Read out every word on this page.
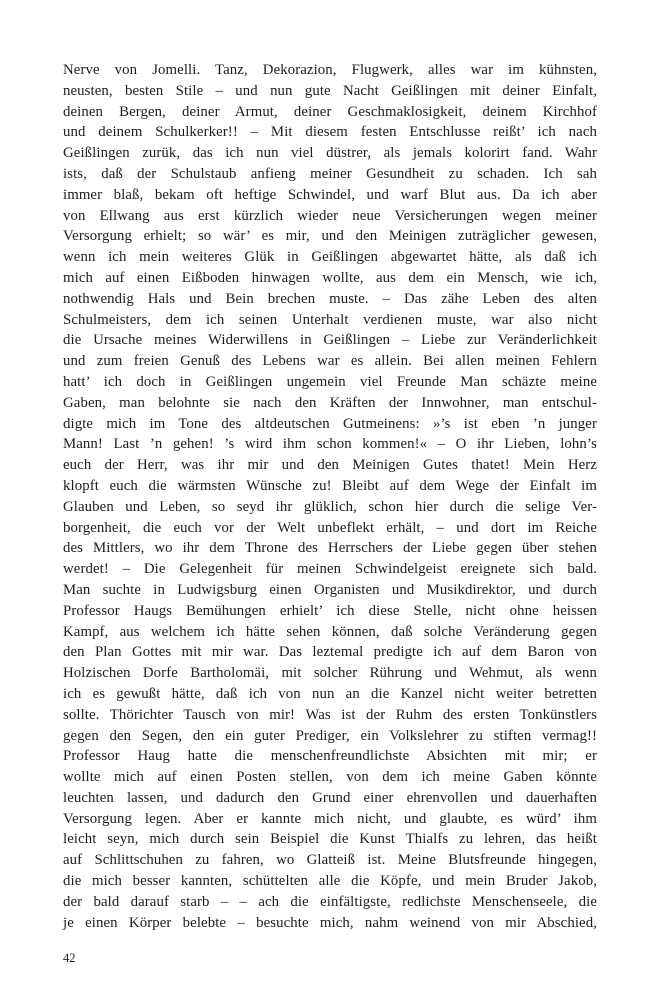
Nerve von Jomelli. Tanz, Dekorazion, Flugwerk, alles war im kühnsten,
neusten, besten Stile – und nun gute Nacht Geißlingen mit deiner Einfalt,
deinen Bergen, deiner Armut, deiner Geschmaklosigkeit, deinem Kirchhof
und deinem Schulkerker!! – Mit diesem festen Entschlusse reißt’ ich nach
Geißlingen zurük, das ich nun viel düstrer, als jemals kolorirt fand. Wahr
ists, daß der Schulstaub anfieng meiner Gesundheit zu schaden. Ich sah
immer blaß, bekam oft heftige Schwindel, und warf Blut aus. Da ich aber
von Ellwang aus erst kürzlich wieder neue Versicherungen wegen meiner
Versorgung erhielt; so wär’ es mir, und den Meinigen zuträglicher gewesen,
wenn ich mein weiteres Glük in Geißlingen abgewartet hätte, als daß ich
mich auf einen Eißboden hinwagen wollte, aus dem ein Mensch, wie ich,
nothwendig Hals und Bein brechen muste. – Das zähe Leben des alten
Schulmeisters, dem ich seinen Unterhalt verdienen muste, war also nicht
die Ursache meines Widerwillens in Geißlingen – Liebe zur Veränderlichkeit
und zum freien Genuß des Lebens war es allein. Bei allen meinen Fehlern
hatt’ ich doch in Geißlingen ungemein viel Freunde Man schäzte meine
Gaben, man belohnte sie nach den Kräften der Innwohner, man entschul-
digte mich im Tone des altdeutschen Gutmeinens: »’s ist eben ’n junger
Mann! Last ’n gehen! ’s wird ihm schon kommen!« – O ihr Lieben, lohn’s
euch der Herr, was ihr mir und den Meinigen Gutes thatet! Mein Herz
klopft euch die wärmsten Wünsche zu! Bleibt auf dem Wege der Einfalt im
Glauben und Leben, so seyd ihr glüklich, schon hier durch die selige Ver-
borgenheit, die euch vor der Welt unbeflekt erhält, – und dort im Reiche
des Mittlers, wo ihr dem Throne des Herrschers der Liebe gegen über stehen
werdet! – Die Gelegenheit für meinen Schwindelgeist ereignete sich bald.
Man suchte in Ludwigsburg einen Organisten und Musikdirektor, und durch
Professor Haugs Bemühungen erhielt’ ich diese Stelle, nicht ohne heissen
Kampf, aus welchem ich hätte sehen können, daß solche Veränderung gegen
den Plan Gottes mit mir war. Das leztemal predigte ich auf dem Baron von
Holzischen Dorfe Bartholomäi, mit solcher Rührung und Wehmut, als wenn
ich es gewußt hätte, daß ich von nun an die Kanzel nicht weiter betretten
sollte. Thörichter Tausch von mir! Was ist der Ruhm des ersten Tonkünstlers
gegen den Segen, den ein guter Prediger, ein Volkslehrer zu stiften vermag!!
Professor Haug hatte die menschenfreundlichste Absichten mit mir; er
wollte mich auf einen Posten stellen, von dem ich meine Gaben könnte
leuchten lassen, und dadurch den Grund einer ehrenvollen und dauerhaften
Versorgung legen. Aber er kannte mich nicht, und glaubte, es würd’ ihm
leicht seyn, mich durch sein Beispiel die Kunst Thialfs zu lehren, das heißt
auf Schlittschuhen zu fahren, wo Glatteiß ist. Meine Blutsfreunde hingegen,
die mich besser kannten, schüttelten alle die Köpfe, und mein Bruder Jakob,
der bald darauf starb – – ach die einfältigste, redlichste Menschenseele, die
je einen Körper belebte – besuchte mich, nahm weinend von mir Abschied,
42
